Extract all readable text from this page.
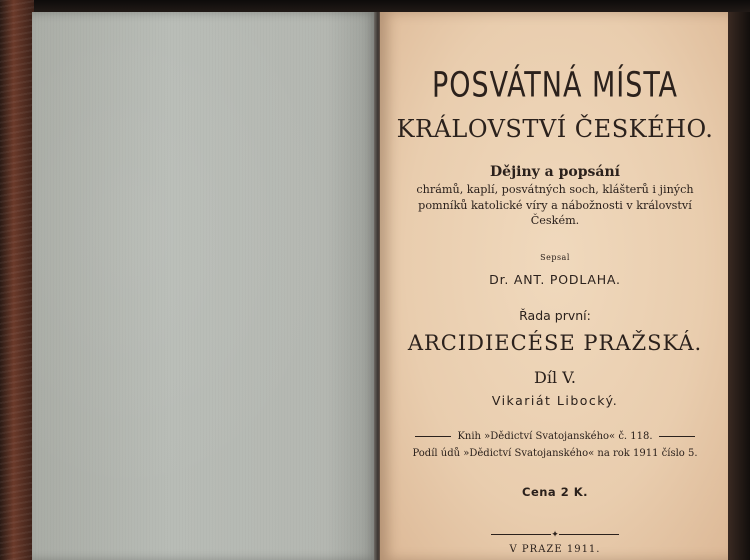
POSVÁTNÁ MÍSTA
KRÁLOVSTVÍ ČESKÉHO.
Dějiny a popsání
chrámů, kaplí, posvátných soch, klášterů i jiných
pomníků katolické víry a nábožnosti v království
Českém.
Sepsal
Dr. ANT. PODLAHA.
Řada první:
ARCIDIECÉSE PRAŽSKÁ.
Díl V.
Vikariát Libocký.
Knih »Dědictví Svatojanského« č. 118.
Podíl údů »Dědictví Svatojanského« na rok 1911 číslo 5.
Cena 2 K.
✦
V PRAZE 1911.
